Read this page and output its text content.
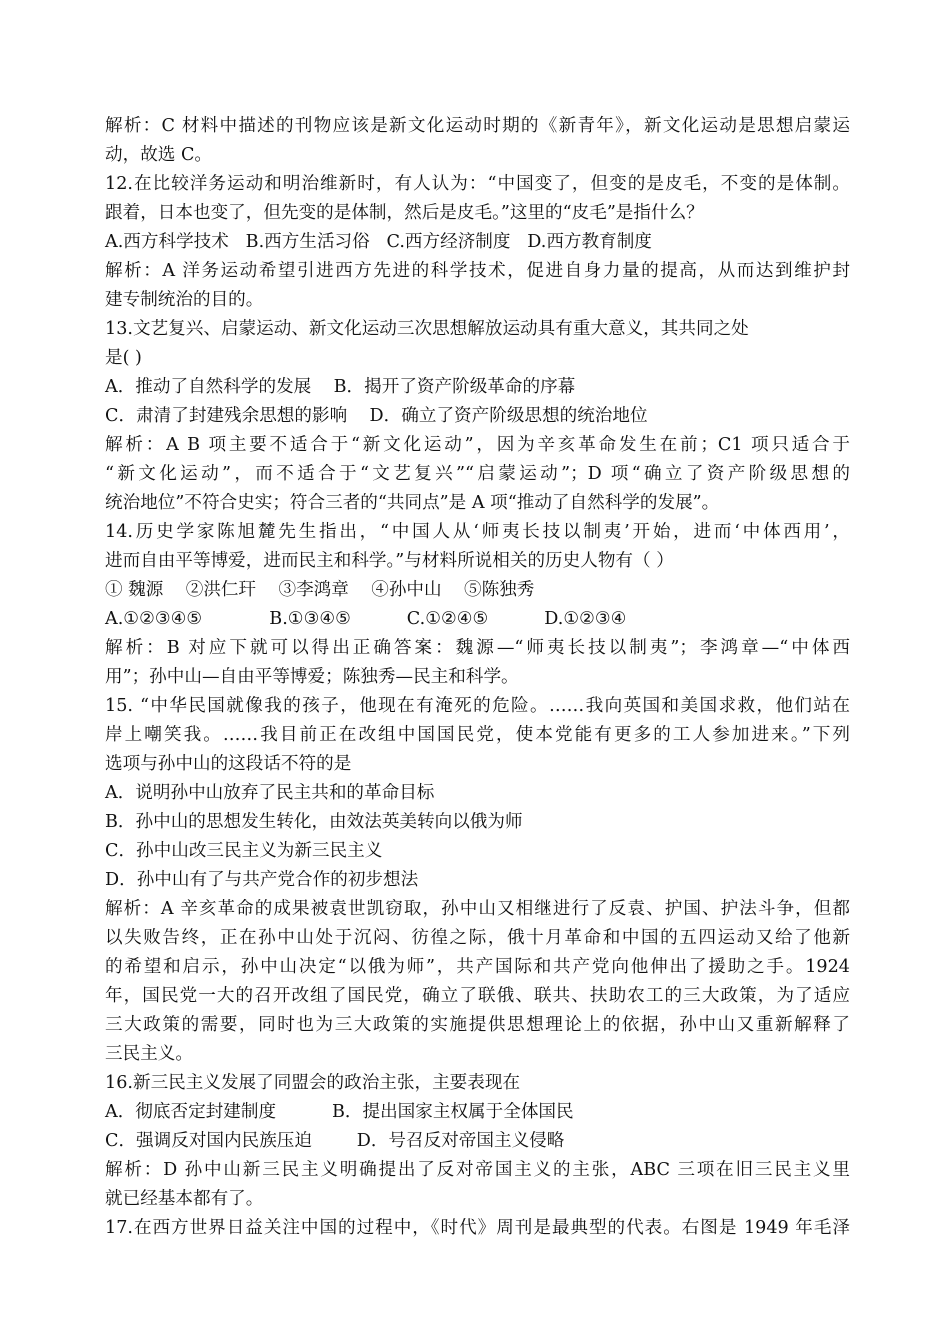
解析：C 材料中描述的刊物应该是新文化运动时期的《新青年》，新文化运动是思想启蒙运
动，故选 C。
12.在比较洋务运动和明治维新时，有人认为：“中国变了，但变的是皮毛，不变的是体制。
跟着，日本也变了，但先变的是体制，然后是皮毛。”这里的“皮毛”是指什么？
A.西方科学技术   B.西方生活习俗   C.西方经济制度   D.西方教育制度
解析：A 洋务运动希望引进西方先进的科学技术，促进自身力量的提高，从而达到维护封
建专制统治的目的。
13.文艺复兴、启蒙运动、新文化运动三次思想解放运动具有重大意义，其共同之处
是( )
A．推动了自然科学的发展    B．揭开了资产阶级革命的序幕
C．肃清了封建残余思想的影响    D．确立了资产阶级思想的统治地位
解析：A B 项主要不适合于“新文化运动”，因为辛亥革命发生在前；C1 项只适合于
“新文化运动”，而不适合于“文艺复兴”“启蒙运动”；D 项“确立了资产阶级思想的
统治地位”不符合史实；符合三者的“共同点”是 A 项“推动了自然科学的发展”。
14.历史学家陈旭麓先生指出，“中国人从‘师夷长技以制夷’开始，进而‘中体西用’，
进而自由平等博爱，进而民主和科学。”与材料所说相关的历史人物有（ ）
① 魏源    ②洪仁玕    ③李鸿章    ④孙中山    ⑤陈独秀
A.①②③④⑤            B.①③④⑤          C.①②④⑤          D.①②③④
解析：B 对应下就可以得出正确答案：魏源—“师夷长技以制夷”；李鸿章—“中体西
用”；孙中山—自由平等博爱；陈独秀—民主和科学。
15. “中华民国就像我的孩子，他现在有淹死的危险。……我向英国和美国求救，他们站在
岸上嘲笑我。……我目前正在改组中国国民党，使本党能有更多的工人参加进来。”下列
选项与孙中山的这段话不符的是
A．说明孙中山放弃了民主共和的革命目标
B．孙中山的思想发生转化，由效法英美转向以俄为师
C．孙中山改三民主义为新三民主义
D．孙中山有了与共产党合作的初步想法
解析：A 辛亥革命的成果被袁世凯窃取，孙中山又相继进行了反袁、护国、护法斗争，但都
以失败告终，正在孙中山处于沉闷、彷徨之际，俄十月革命和中国的五四运动又给了他新
的希望和启示，孙中山决定“以俄为师”，共产国际和共产党向他伸出了援助之手。1924
年，国民党一大的召开改组了国民党，确立了联俄、联共、扶助农工的三大政策，为了适应
三大政策的需要，同时也为三大政策的实施提供思想理论上的依据，孙中山又重新解释了
三民主义。
16.新三民主义发展了同盟会的政治主张，主要表现在
A．彻底否定封建制度          B．提出国家主权属于全体国民
C．强调反对国内民族压迫        D．号召反对帝国主义侵略
解析：D 孙中山新三民主义明确提出了反对帝国主义的主张，ABC 三项在旧三民主义里
就已经基本都有了。
17.在西方世界日益关注中国的过程中，《时代》周刊是最典型的代表。右图是 1949 年毛泽
